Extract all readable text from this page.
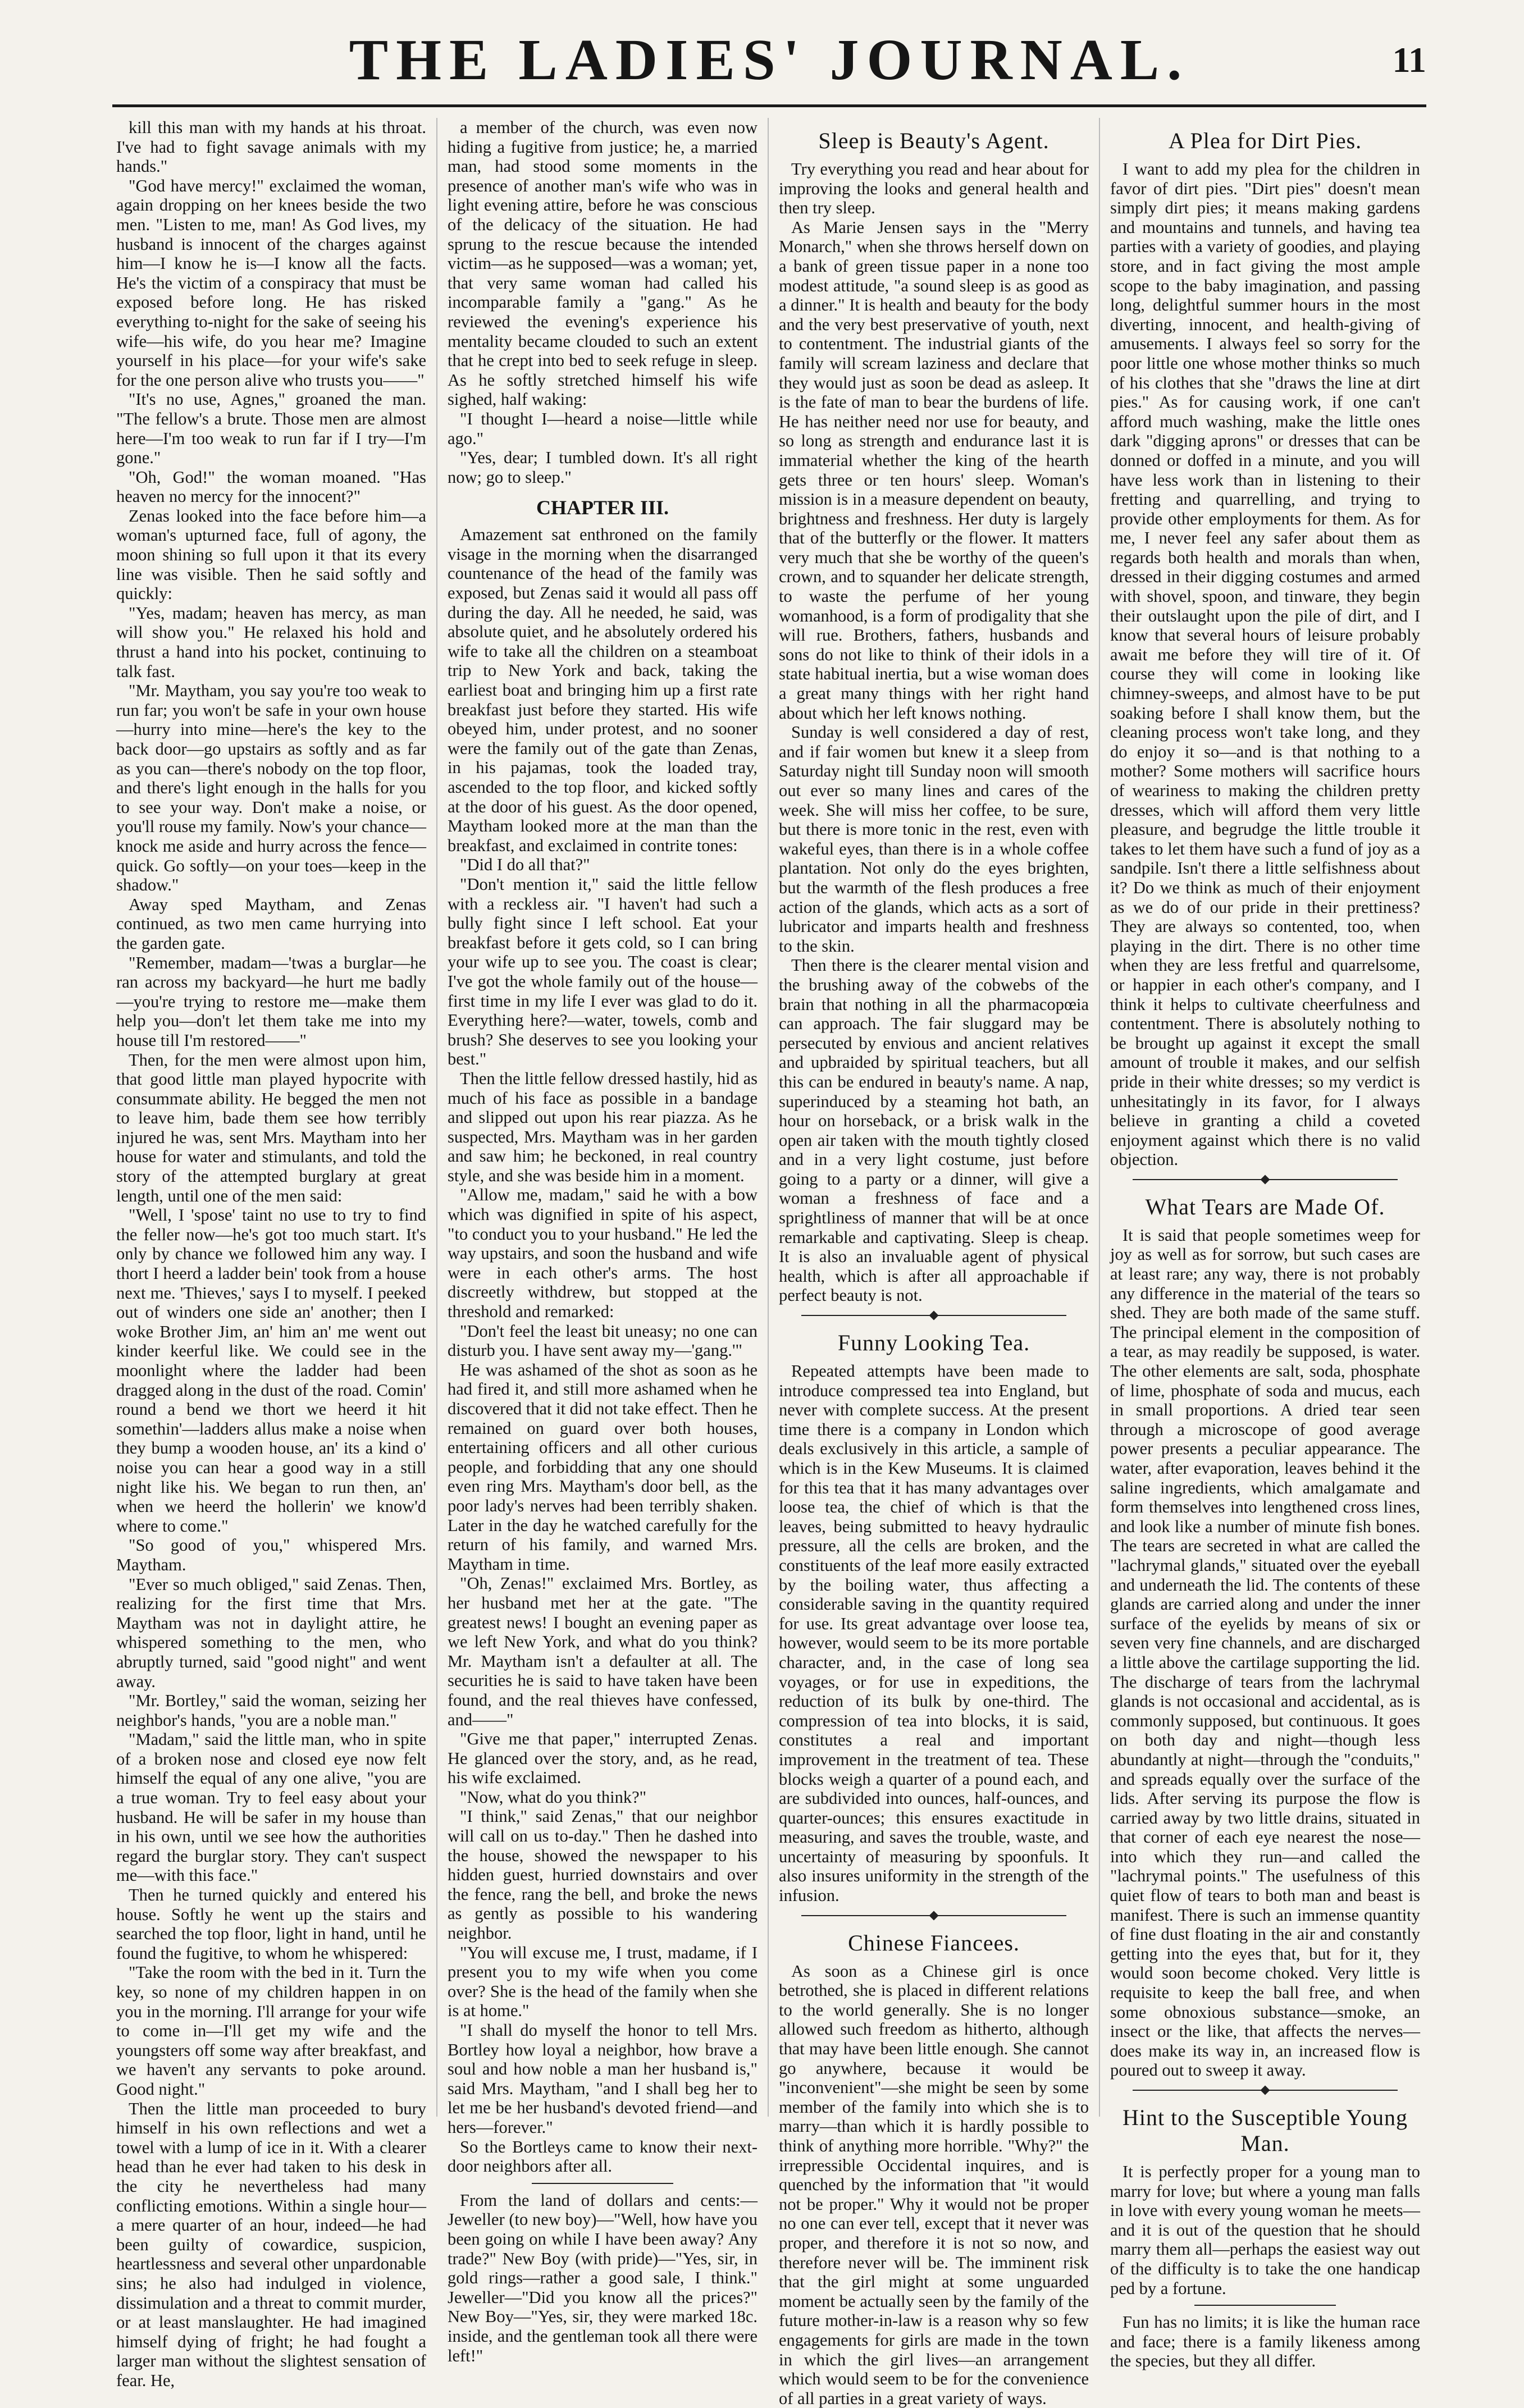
THE LADIES' JOURNAL.	11

kill this man with my hands at his throat. I've had to fight savage animals with my hands."

"God have mercy!" exclaimed the woman, again dropping on her knees beside the two men. "Listen to me, man! As God lives, my husband is innocent of the charges against him—I know he is—I know all the facts. He's the victim of a conspiracy that must be exposed before long. He has risked everything to-night for the sake of seeing his wife—his wife, do you hear me? Imagine yourself in his place—for your wife's sake for the one person alive who trusts you——"

"It's no use, Agnes," groaned the man. "The fellow's a brute. Those men are almost here—I'm too weak to run far if I try—I'm gone."

"Oh, God!" the woman moaned. "Has heaven no mercy for the innocent?"

Zenas looked into the face before him—a woman's upturned face, full of agony, the moon shining so full upon it that its every line was visible. Then he said softly and quickly:

"Yes, madam; heaven has mercy, as man will show you." He relaxed his hold and thrust a hand into his pocket, continuing to talk fast.

"Mr. Maytham, you say you're too weak to run far; you won't be safe in your own house—hurry into mine—here's the key to the back door—go upstairs as softly and as far as you can—there's nobody on the top floor, and there's light enough in the halls for you to see your way. Don't make a noise, or you'll rouse my family. Now's your chance—knock me aside and hurry across the fence—quick. Go softly—on your toes—keep in the shadow."

Away sped Maytham, and Zenas continued, as two men came hurrying into the garden gate.

"Remember, madam—'twas a burglar—he ran across my backyard—he hurt me badly—you're trying to restore me—make them help you—don't let them take me into my house till I'm restored——"

Then, for the men were almost upon him, that good little man played hypocrite with consummate ability. He begged the men not to leave him, bade them see how terribly injured he was, sent Mrs. Maytham into her house for water and stimulants, and told the story of the attempted burglary at great length, until one of the men said:

"Well, I 'spose' taint no use to try to find the feller now—he's got too much start. It's only by chance we followed him any way. I thort I heerd a ladder bein' took from a house next me. 'Thieves,' says I to myself. I peeked out of winders one side an' another; then I woke Brother Jim, an' him an' me went out kinder keerful like. We could see in the moonlight where the ladder had been dragged along in the dust of the road. Comin' round a bend we thort we heerd it hit somethin'—ladders allus make a noise when they bump a wooden house, an' its a kind o' noise you can hear a good way in a still night like his. We began to run then, an' when we heerd the hollerin' we know'd where to come."

"So good of you," whispered Mrs. Maytham.

"Ever so much obliged," said Zenas. Then, realizing for the first time that Mrs. Maytham was not in daylight attire, he whispered something to the men, who abruptly turned, said "good night" and went away.

"Mr. Bortley," said the woman, seizing her neighbor's hands, "you are a noble man."

"Madam," said the little man, who in spite of a broken nose and closed eye now felt himself the equal of any one alive, "you are a true woman. Try to feel easy about your husband. He will be safer in my house than in his own, until we see how the authorities regard the burglar story. They can't suspect me—with this face."

Then he turned quickly and entered his house. Softly he went up the stairs and searched the top floor, light in hand, until he found the fugitive, to whom he whispered:

"Take the room with the bed in it. Turn the key, so none of my children happen in on you in the morning. I'll arrange for your wife to come in—I'll get my wife and the youngsters off some way after breakfast, and we haven't any servants to poke around. Good night."

Then the little man proceeded to bury himself in his own reflections and wet a towel with a lump of ice in it. With a clearer head than he ever had taken to his desk in the city he nevertheless had many conflicting emotions. Within a single hour—a mere quarter of an hour, indeed—he had been guilty of cowardice, suspicion, heartlessness and several other unpardonable sins; he also had indulged in violence, dissimulation and a threat to commit murder, or at least manslaughter. He had imagined himself dying of fright; he had fought a larger man without the slightest sensation of fear. He,

a member of the church, was even now hiding a fugitive from justice; he, a married man, had stood some moments in the presence of another man's wife who was in light evening attire, before he was conscious of the delicacy of the situation. He had sprung to the rescue because the intended victim—as he supposed—was a woman; yet, that very same woman had called his incomparable family a "gang." As he reviewed the evening's experience his mentality became clouded to such an extent that he crept into bed to seek refuge in sleep. As he softly stretched himself his wife sighed, half waking:

"I thought I—heard a noise—little while ago."

"Yes, dear; I tumbled down. It's all right now; go to sleep."

CHAPTER III.

Amazement sat enthroned on the family visage in the morning when the disarranged countenance of the head of the family was exposed, but Zenas said it would all pass off during the day. All he needed, he said, was absolute quiet, and he absolutely ordered his wife to take all the children on a steamboat trip to New York and back, taking the earliest boat and bringing him up a first rate breakfast just before they started. His wife obeyed him, under protest, and no sooner were the family out of the gate than Zenas, in his pajamas, took the loaded tray, ascended to the top floor, and kicked softly at the door of his guest. As the door opened, Maytham looked more at the man than the breakfast, and exclaimed in contrite tones:

"Did I do all that?"

"Don't mention it," said the little fellow with a reckless air. "I haven't had such a bully fight since I left school. Eat your breakfast before it gets cold, so I can bring your wife up to see you. The coast is clear; I've got the whole family out of the house—first time in my life I ever was glad to do it. Everything here?—water, towels, comb and brush? She deserves to see you looking your best."

Then the little fellow dressed hastily, hid as much of his face as possible in a bandage and slipped out upon his rear piazza. As he suspected, Mrs. Maytham was in her garden and saw him; he beckoned, in real country style, and she was beside him in a moment.

"Allow me, madam," said he with a bow which was dignified in spite of his aspect, "to conduct you to your husband." He led the way upstairs, and soon the husband and wife were in each other's arms. The host discreetly withdrew, but stopped at the threshold and remarked:

"Don't feel the least bit uneasy; no one can disturb you. I have sent away my—'gang.'"

He was ashamed of the shot as soon as he had fired it, and still more ashamed when he discovered that it did not take effect. Then he remained on guard over both houses, entertaining officers and all other curious people, and forbidding that any one should even ring Mrs. Maytham's door bell, as the poor lady's nerves had been terribly shaken. Later in the day he watched carefully for the return of his family, and warned Mrs. Maytham in time.

"Oh, Zenas!" exclaimed Mrs. Bortley, as her husband met her at the gate. "The greatest news! I bought an evening paper as we left New York, and what do you think? Mr. Maytham isn't a defaulter at all. The securities he is said to have taken have been found, and the real thieves have confessed, and——"

"Give me that paper," interrupted Zenas. He glanced over the story, and, as he read, his wife exclaimed.

"Now, what do you think?"

"I think," said Zenas," that our neighbor will call on us to-day." Then he dashed into the house, showed the newspaper to his hidden guest, hurried downstairs and over the fence, rang the bell, and broke the news as gently as possible to his wandering neighbor.

"You will excuse me, I trust, madame, if I present you to my wife when you come over? She is the head of the family when she is at home."

"I shall do myself the honor to tell Mrs. Bortley how loyal a neighbor, how brave a soul and how noble a man her husband is," said Mrs. Maytham, "and I shall beg her to let me be her husband's devoted friend—and hers—forever."

So the Bortleys came to know their next-door neighbors after all.

From the land of dollars and cents:—Jeweller (to new boy)—"Well, how have you been going on while I have been away? Any trade?" New Boy (with pride)—"Yes, sir, in gold rings—rather a good sale, I think." Jeweller—"Did you know all the prices?" New Boy—"Yes, sir, they were marked 18c. inside, and the gentleman took all there were left!"

Sleep is Beauty's Agent.

Try everything you read and hear about for improving the looks and general health and then try sleep.

As Marie Jensen says in the "Merry Monarch," when she throws herself down on a bank of green tissue paper in a none too modest attitude, "a sound sleep is as good as a dinner." It is health and beauty for the body and the very best preservative of youth, next to contentment. The industrial giants of the family will scream laziness and declare that they would just as soon be dead as asleep. It is the fate of man to bear the burdens of life. He has neither need nor use for beauty, and so long as strength and endurance last it is immaterial whether the king of the hearth gets three or ten hours' sleep. Woman's mission is in a measure dependent on beauty, brightness and freshness. Her duty is largely that of the butterfly or the flower. It matters very much that she be worthy of the queen's crown, and to squander her delicate strength, to waste the perfume of her young womanhood, is a form of prodigality that she will rue. Brothers, fathers, husbands and sons do not like to think of their idols in a state habitual inertia, but a wise woman does a great many things with her right hand about which her left knows nothing.

Sunday is well considered a day of rest, and if fair women but knew it a sleep from Saturday night till Sunday noon will smooth out ever so many lines and cares of the week. She will miss her coffee, to be sure, but there is more tonic in the rest, even with wakeful eyes, than there is in a whole coffee plantation. Not only do the eyes brighten, but the warmth of the flesh produces a free action of the glands, which acts as a sort of lubricator and imparts health and freshness to the skin.

Then there is the clearer mental vision and the brushing away of the cobwebs of the brain that nothing in all the pharmacopœia can approach. The fair sluggard may be persecuted by envious and ancient relatives and upbraided by spiritual teachers, but all this can be endured in beauty's name. A nap, superinduced by a steaming hot bath, an hour on horseback, or a brisk walk in the open air taken with the mouth tightly closed and in a very light costume, just before going to a party or a dinner, will give a woman a freshness of face and a sprightliness of manner that will be at once remarkable and captivating. Sleep is cheap. It is also an invaluable agent of physical health, which is after all approachable if perfect beauty is not.

Funny Looking Tea.

Repeated attempts have been made to introduce compressed tea into England, but never with complete success. At the present time there is a company in London which deals exclusively in this article, a sample of which is in the Kew Museums. It is claimed for this tea that it has many advantages over loose tea, the chief of which is that the leaves, being submitted to heavy hydraulic pressure, all the cells are broken, and the constituents of the leaf more easily extracted by the boiling water, thus affecting a considerable saving in the quantity required for use. Its great advantage over loose tea, however, would seem to be its more portable character, and, in the case of long sea voyages, or for use in expeditions, the reduction of its bulk by one-third. The compression of tea into blocks, it is said, constitutes a real and important improvement in the treatment of tea. These blocks weigh a quarter of a pound each, and are subdivided into ounces, half-ounces, and quarter-ounces; this ensures exactitude in measuring, and saves the trouble, waste, and uncertainty of measuring by spoonfuls. It also insures uniformity in the strength of the infusion.

Chinese Fiancees.

As soon as a Chinese girl is once betrothed, she is placed in different relations to the world generally. She is no longer allowed such freedom as hitherto, although that may have been little enough. She cannot go anywhere, because it would be "inconvenient"—she might be seen by some member of the family into which she is to marry—than which it is hardly possible to think of anything more horrible. "Why?" the irrepressible Occidental inquires, and is quenched by the information that "it would not be proper." Why it would not be proper no one can ever tell, except that it never was proper, and therefore it is not so now, and therefore never will be. The imminent risk that the girl might at some unguarded moment be actually seen by the family of the future mother-in-law is a reason why so few engagements for girls are made in the town in which the girl lives—an arrangement which would seem to be for the convenience of all parties in a great variety of ways.

A Plea for Dirt Pies.

I want to add my plea for the children in favor of dirt pies. "Dirt pies" doesn't mean simply dirt pies; it means making gardens and mountains and tunnels, and having tea parties with a variety of goodies, and playing store, and in fact giving the most ample scope to the baby imagination, and passing long, delightful summer hours in the most diverting, innocent, and health-giving of amusements. I always feel so sorry for the poor little one whose mother thinks so much of his clothes that she "draws the line at dirt pies." As for causing work, if one can't afford much washing, make the little ones dark "digging aprons" or dresses that can be donned or doffed in a minute, and you will have less work than in listening to their fretting and quarrelling, and trying to provide other employments for them. As for me, I never feel any safer about them as regards both health and morals than when, dressed in their digging costumes and armed with shovel, spoon, and tinware, they begin their outslaught upon the pile of dirt, and I know that several hours of leisure probably await me before they will tire of it. Of course they will come in looking like chimney-sweeps, and almost have to be put soaking before I shall know them, but the cleaning process won't take long, and they do enjoy it so—and is that nothing to a mother? Some mothers will sacrifice hours of weariness to making the children pretty dresses, which will afford them very little pleasure, and begrudge the little trouble it takes to let them have such a fund of joy as a sandpile. Isn't there a little selfishness about it? Do we think as much of their enjoyment as we do of our pride in their prettiness? They are always so contented, too, when playing in the dirt. There is no other time when they are less fretful and quarrelsome, or happier in each other's company, and I think it helps to cultivate cheerfulness and contentment. There is absolutely nothing to be brought up against it except the small amount of trouble it makes, and our selfish pride in their white dresses; so my verdict is unhesitatingly in its favor, for I always believe in granting a child a coveted enjoyment against which there is no valid objection.

What Tears are Made Of.

It is said that people sometimes weep for joy as well as for sorrow, but such cases are at least rare; any way, there is not probably any difference in the material of the tears so shed. They are both made of the same stuff. The principal element in the composition of a tear, as may readily be supposed, is water. The other elements are salt, soda, phosphate of lime, phosphate of soda and mucus, each in small proportions. A dried tear seen through a microscope of good average power presents a peculiar appearance. The water, after evaporation, leaves behind it the saline ingredients, which amalgamate and form themselves into lengthened cross lines, and look like a number of minute fish bones. The tears are secreted in what are called the "lachrymal glands," situated over the eyeball and underneath the lid. The contents of these glands are carried along and under the inner surface of the eyelids by means of six or seven very fine channels, and are discharged a little above the cartilage supporting the lid. The discharge of tears from the lachrymal glands is not occasional and accidental, as is commonly supposed, but continuous. It goes on both day and night—though less abundantly at night—through the "conduits," and spreads equally over the surface of the lids. After serving its purpose the flow is carried away by two little drains, situated in that corner of each eye nearest the nose—into which they run—and called the "lachrymal points." The usefulness of this quiet flow of tears to both man and beast is manifest. There is such an immense quantity of fine dust floating in the air and constantly getting into the eyes that, but for it, they would soon become choked. Very little is requisite to keep the ball free, and when some obnoxious substance—smoke, an insect or the like, that affects the nerves—does make its way in, an increased flow is poured out to sweep it away.

Hint to the Susceptible Young Man.

It is perfectly proper for a young man to marry for love; but where a young man falls in love with every young woman he meets—and it is out of the question that he should marry them all—perhaps the easiest way out of the difficulty is to take the one handicap ped by a fortune.

Fun has no limits; it is like the human race and face; there is a family likeness among the species, but they all differ.
